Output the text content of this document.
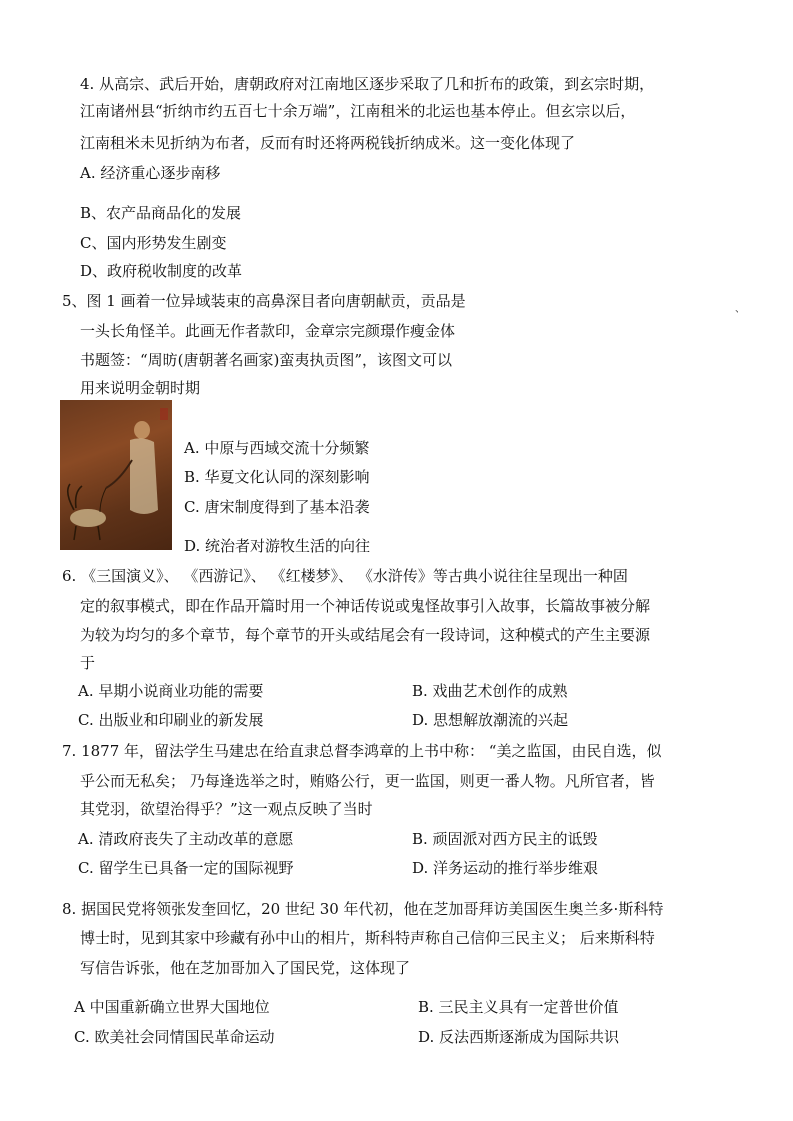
4. 从高宗、武后开始，唐朝政府对江南地区逐步采取了几和折布的政策，到玄宗时期，
江南诸州县“折纳市约五百七十余万端”，江南租米的北运也基本停止。但玄宗以后，
江南租米未见折纳为布者，反而有时还将两税钱折纳成米。这一变化体现了
A. 经济重心逐步南移
B、农产品商品化的发展
C、国内形势发生剧变
D、政府税收制度的改革
5、图 1 画着一位异域装束的高鼻深目者向唐朝献贡，贡品是	、
一头长角怪羊。此画无作者款印，金章宗完颜璟作瘦金体
书题签：“周昉(唐朝著名画家)蛮夷执贡图”，该图文可以
用来说明金朝时期
A. 中原与西域交流十分频繁
B. 华夏文化认同的深刻影响
C. 唐宋制度得到了基本沿袭
D. 统治者对游牧生活的向往
6. 《三国演义》、 《西游记》、 《红楼梦》、 《水浒传》等古典小说往往呈现出一种固
定的叙事模式，即在作品开篇时用一个神话传说或鬼怪故事引入故事，长篇故事被分解
为较为均匀的多个章节，每个章节的开头或结尾会有一段诗词，这种模式的产生主要源
于
A. 早期小说商业功能的需要	B. 戏曲艺术创作的成熟
C. 出版业和印刷业的新发展	D. 思想解放潮流的兴起
7. 1877 年，留法学生马建忠在给直隶总督李鸿章的上书中称： “美之监国，由民自选，似
乎公而无私矣； 乃每逢选举之时，贿赂公行，更一监国，则更一番人物。凡所官者，皆
其党羽，欲望治得乎？”这一观点反映了当时
A. 清政府丧失了主动改革的意愿	B. 顽固派对西方民主的诋毁
C. 留学生已具备一定的国际视野	D. 洋务运动的推行举步维艰
8. 据国民党将领张发奎回忆，20 世纪 30 年代初，他在芝加哥拜访美国医生奥兰多·斯科特
博士时，见到其家中珍藏有孙中山的相片，斯科特声称自己信仰三民主义； 后来斯科特
写信告诉张，他在芝加哥加入了国民党，这体现了
A 中国重新确立世界大国地位	B. 三民主义具有一定普世价值
C. 欧美社会同情国民革命运动	D. 反法西斯逐渐成为国际共识
